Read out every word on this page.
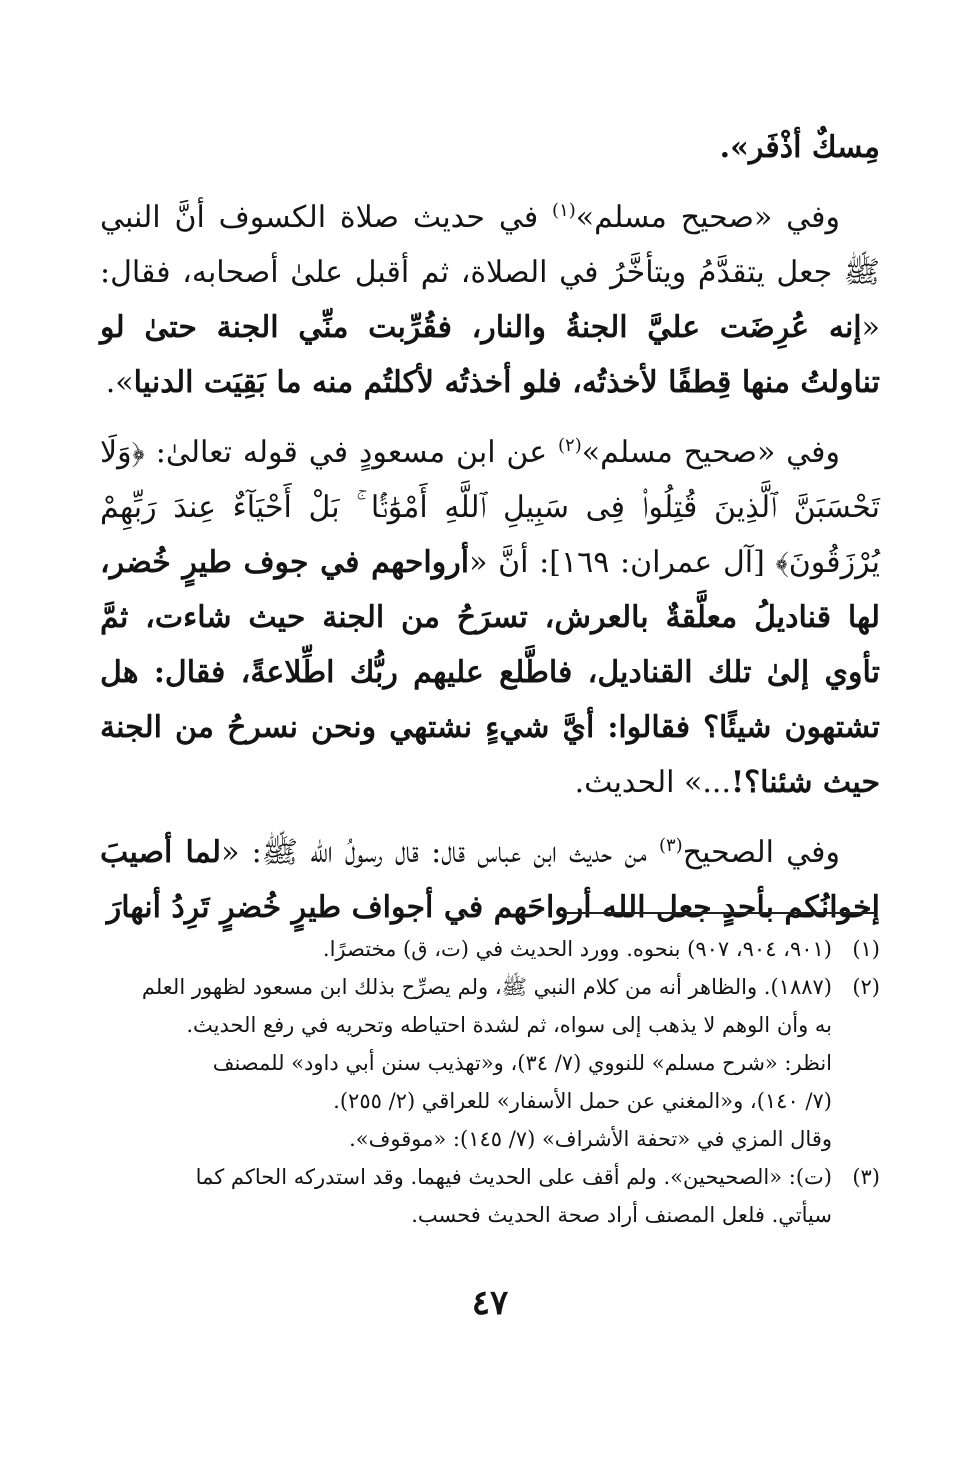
مِسكٌ أذْفَر».

وفي «صحيح مسلم»$^{(١)}$ في حديث صلاة الكسوف أنَّ النبي ﷺ جعل يتقدَّمُ ويتأخَّرُ في الصلاة، ثم أقبل علىٰ أصحابه، فقال: «إنه عُرِضَت عليَّ الجنةُ والنار، فقُرِّبت منِّي الجنة حتىٰ لو تناولتُ منها قِطفًا لأخذتُه، فلو أخذتُه لأكلتُم منه ما بَقِيَت الدنيا».

وفي «صحيح مسلم»$^{(٢)}$ عن ابن مسعودٍ في قوله تعالىٰ: ﴿وَلَا تَحْسَبَنَّ ٱلَّذِينَ قُتِلُوا۟ فِى سَبِيلِ ٱللَّهِ أَمْوَٰتًۢا ۚ بَلْ أَحْيَآءٌ عِندَ رَبِّهِمْ يُرْزَقُونَ﴾ [آل عمران: ١٦٩]: أنَّ «أرواحهم في جوف طيرٍ خُضر، لها قناديلُ معلَّقةٌ بالعرش، تسرَحُ من الجنة حيث شاءت، ثمَّ تأوي إلىٰ تلك القناديل، فاطَّلع عليهم ربُّك اطِّلاعةً، فقال: هل تشتهون شيئًا؟ فقالوا: أيَّ شيءٍ نشتهي ونحن نسرحُ من الجنة حيث شئنا؟!...» الحديث.

وفي الصحيح$^{(٣)}$ من حديث ابن عباس قال: قال رسولُ الله ﷺ: «لما أصيبَ إخوانُكم بأحدٍ جعل الله أرواحَهم في أجواف طيرٍ خُضرٍ تَرِدُ أنهارَ

(١)
(٩٠١، ٩٠٤، ٩٠٧) بنحوه. وورد الحديث في (ت، ق) مختصرًا.
(٢)
(١٨٨٧). والظاهر أنه من كلام النبي ﷺ، ولم يصرِّح بذلك ابن مسعود لظهور العلم
به وأن الوهم لا يذهب إلى سواه، ثم لشدة احتياطه وتحريه في رفع الحديث.
انظر: «شرح مسلم» للنووي (٧/ ٣٤)، و«تهذيب سنن أبي داود» للمصنف
(٧/ ١٤٠)، و«المغني عن حمل الأسفار» للعراقي (٢/ ٢٥٥).
وقال المزي في «تحفة الأشراف» (٧/ ١٤٥): «موقوف».
(٣)
(ت): «الصحيحين». ولم أقف على الحديث فيهما. وقد استدركه الحاكم كما
سيأتي. فلعل المصنف أراد صحة الحديث فحسب.
٤٧
